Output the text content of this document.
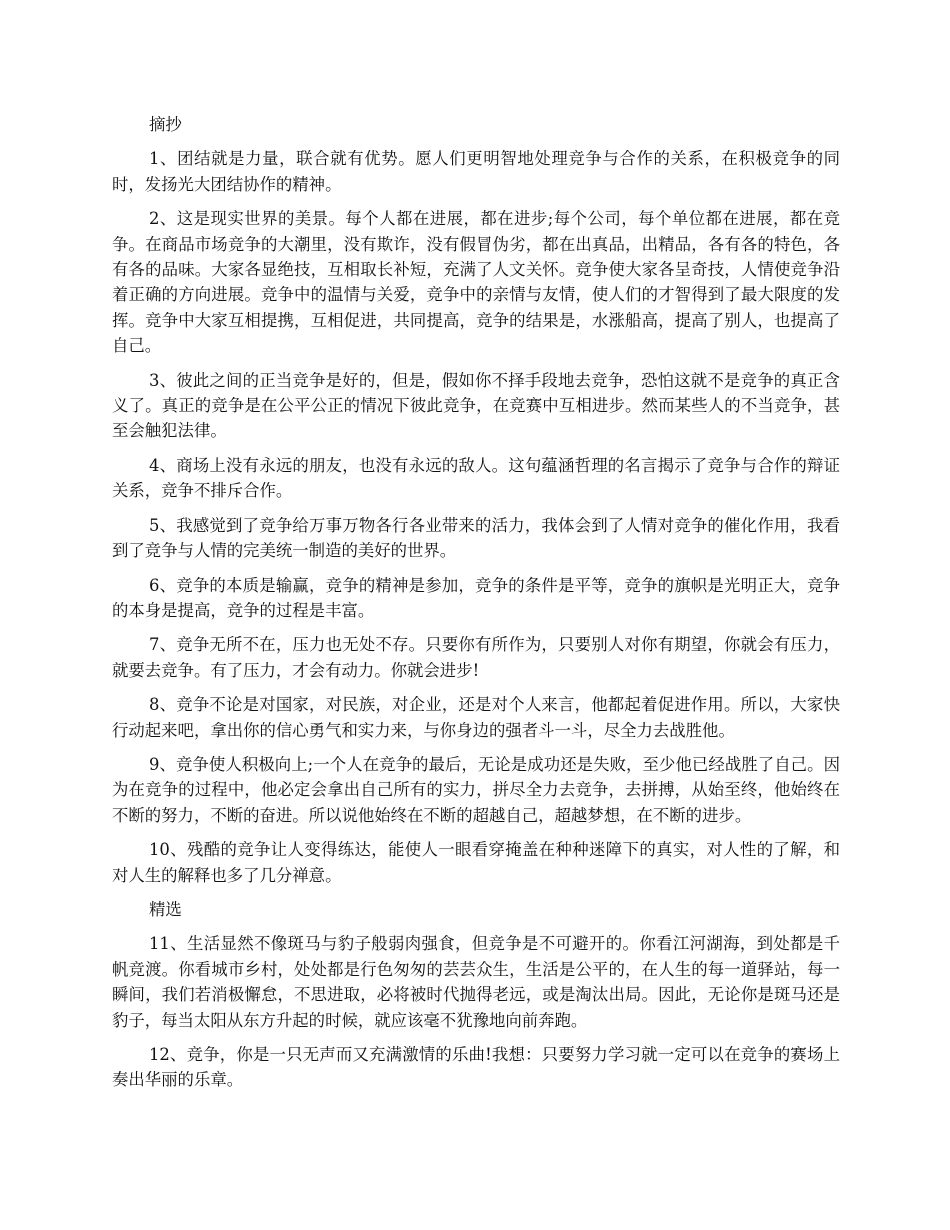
摘抄

1、团结就是力量，联合就有优势。愿人们更明智地处理竞争与合作的关系，在积极竞争的同时，发扬光大团结协作的精神。

2、这是现实世界的美景。每个人都在进展，都在进步;每个公司，每个单位都在进展，都在竞争。在商品市场竞争的大潮里，没有欺诈，没有假冒伪劣，都在出真品，出精品，各有各的特色，各有各的品味。大家各显绝技，互相取长补短，充满了人文关怀。竞争使大家各呈奇技，人情使竞争沿着正确的方向进展。竞争中的温情与关爱，竞争中的亲情与友情，使人们的才智得到了最大限度的发挥。竞争中大家互相提携，互相促进，共同提高，竞争的结果是，水涨船高，提高了别人，也提高了自己。

3、彼此之间的正当竞争是好的，但是，假如你不择手段地去竞争，恐怕这就不是竞争的真正含义了。真正的竞争是在公平公正的情况下彼此竞争，在竞赛中互相进步。然而某些人的不当竞争，甚至会触犯法律。

4、商场上没有永远的朋友，也没有永远的敌人。这句蕴涵哲理的名言揭示了竞争与合作的辩证关系，竞争不排斥合作。

5、我感觉到了竞争给万事万物各行各业带来的活力，我体会到了人情对竞争的催化作用，我看到了竞争与人情的完美统一制造的美好的世界。

6、竞争的本质是输赢，竞争的精神是参加，竞争的条件是平等，竞争的旗帜是光明正大，竞争的本身是提高，竞争的过程是丰富。

7、竞争无所不在，压力也无处不存。只要你有所作为，只要别人对你有期望，你就会有压力，就要去竞争。有了压力，才会有动力。你就会进步!

8、竞争不论是对国家，对民族，对企业，还是对个人来言，他都起着促进作用。所以，大家快行动起来吧，拿出你的信心勇气和实力来，与你身边的强者斗一斗，尽全力去战胜他。

9、竞争使人积极向上;一个人在竞争的最后，无论是成功还是失败，至少他已经战胜了自己。因为在竞争的过程中，他必定会拿出自己所有的实力，拼尽全力去竞争，去拼搏，从始至终，他始终在不断的努力，不断的奋进。所以说他始终在不断的超越自己，超越梦想，在不断的进步。

10、残酷的竞争让人变得练达，能使人一眼看穿掩盖在种种迷障下的真实，对人性的了解，和对人生的解释也多了几分禅意。

精选

11、生活显然不像斑马与豹子般弱肉强食，但竞争是不可避开的。你看江河湖海，到处都是千帆竞渡。你看城市乡村，处处都是行色匆匆的芸芸众生，生活是公平的，在人生的每一道驿站，每一瞬间，我们若消极懈怠，不思进取，必将被时代抛得老远，或是淘汰出局。因此，无论你是斑马还是豹子，每当太阳从东方升起的时候，就应该毫不犹豫地向前奔跑。

12、竞争，你是一只无声而又充满激情的乐曲!我想：只要努力学习就一定可以在竞争的赛场上奏出华丽的乐章。
